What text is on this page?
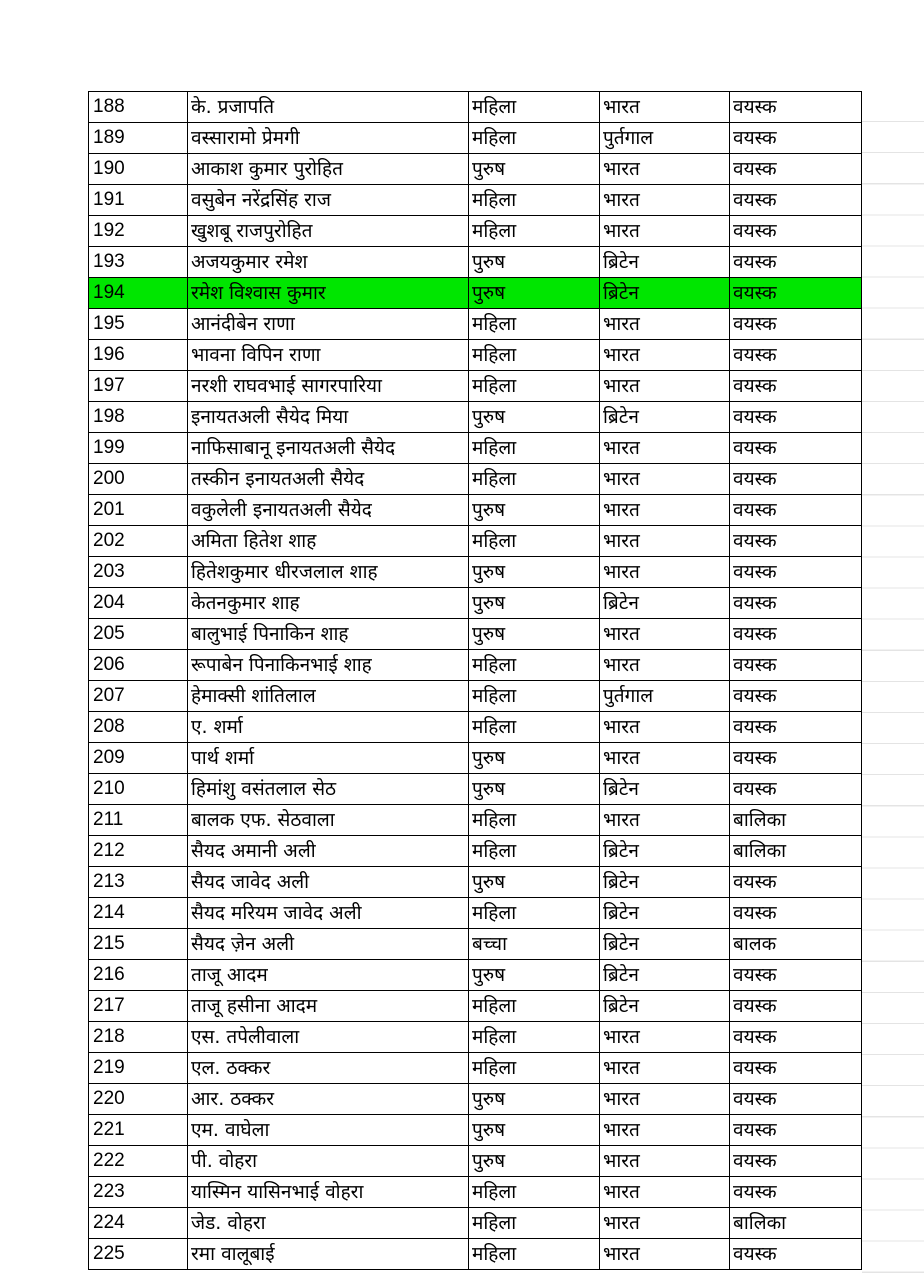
188	के. प्रजापति	महिला	भारत	वयस्क
189	वस्सारामो प्रेमगी	महिला	पुर्तगाल	वयस्क
190	आकाश कुमार पुरोहित	पुरुष	भारत	वयस्क
191	वसुबेन नरेंद्रसिंह राज	महिला	भारत	वयस्क
192	खुशबू राजपुरोहित	महिला	भारत	वयस्क
193	अजयकुमार रमेश	पुरुष	ब्रिटेन	वयस्क
194	रमेश विश्वास कुमार	पुरुष	ब्रिटेन	वयस्क
195	आनंदीबेन राणा	महिला	भारत	वयस्क
196	भावना विपिन राणा	महिला	भारत	वयस्क
197	नरशी राघवभाई सागरपारिया	महिला	भारत	वयस्क
198	इनायतअली सैयेद मिया	पुरुष	ब्रिटेन	वयस्क
199	नाफिसाबानू इनायतअली सैयेद	महिला	भारत	वयस्क
200	तस्कीन इनायतअली सैयेद	महिला	भारत	वयस्क
201	वकुलेली इनायतअली सैयेद	पुरुष	भारत	वयस्क
202	अमिता हितेश शाह	महिला	भारत	वयस्क
203	हितेशकुमार धीरजलाल शाह	पुरुष	भारत	वयस्क
204	केतनकुमार शाह	पुरुष	ब्रिटेन	वयस्क
205	बालुभाई पिनाकिन शाह	पुरुष	भारत	वयस्क
206	रूपाबेन पिनाकिनभाई शाह	महिला	भारत	वयस्क
207	हेमाक्सी शांतिलाल	महिला	पुर्तगाल	वयस्क
208	ए. शर्मा	महिला	भारत	वयस्क
209	पार्थ शर्मा	पुरुष	भारत	वयस्क
210	हिमांशु वसंतलाल सेठ	पुरुष	ब्रिटेन	वयस्क
211	बालक एफ. सेठवाला	महिला	भारत	बालिका
212	सैयद अमानी अली	महिला	ब्रिटेन	बालिका
213	सैयद जावेद अली	पुरुष	ब्रिटेन	वयस्क
214	सैयद मरियम जावेद अली	महिला	ब्रिटेन	वयस्क
215	सैयद ज़ेन अली	बच्चा	ब्रिटेन	बालक
216	ताजू आदम	पुरुष	ब्रिटेन	वयस्क
217	ताजू हसीना आदम	महिला	ब्रिटेन	वयस्क
218	एस. तपेलीवाला	महिला	भारत	वयस्क
219	एल. ठक्कर	महिला	भारत	वयस्क
220	आर. ठक्कर	पुरुष	भारत	वयस्क
221	एम. वाघेला	पुरुष	भारत	वयस्क
222	पी. वोहरा	पुरुष	भारत	वयस्क
223	यास्मिन यासिनभाई वोहरा	महिला	भारत	वयस्क
224	जेड. वोहरा	महिला	भारत	बालिका
225	रमा वालूबाई	महिला	भारत	वयस्क
